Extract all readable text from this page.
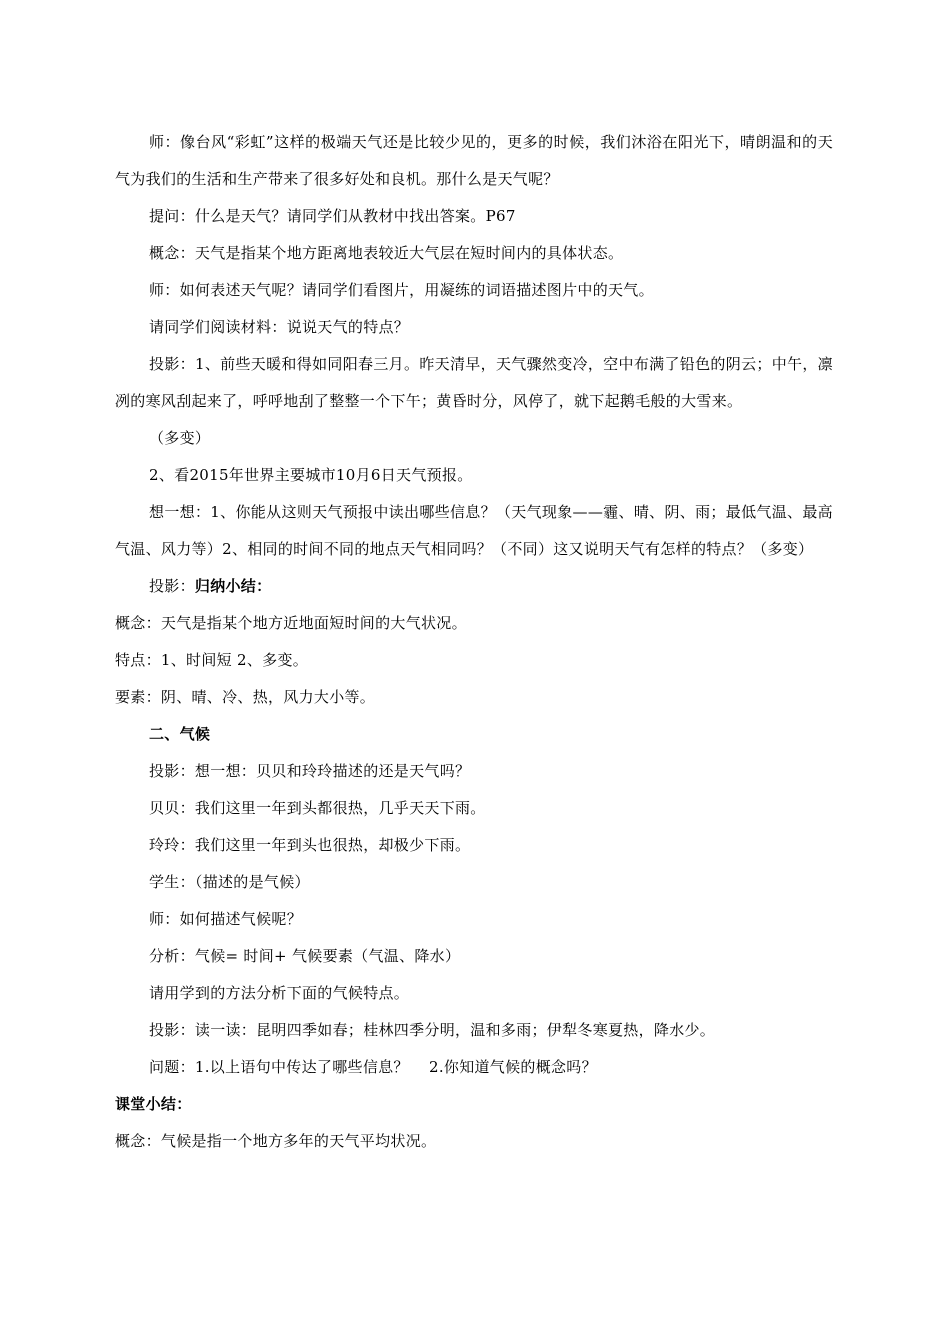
师：像台风“彩虹”这样的极端天气还是比较少见的，更多的时候，我们沐浴在阳光下，晴朗温和的天气为我们的生活和生产带来了很多好处和良机。那什么是天气呢？

提问：什么是天气？请同学们从教材中找出答案。P67

概念：天气是指某个地方距离地表较近大气层在短时间内的具体状态。

师：如何表述天气呢？请同学们看图片，用凝练的词语描述图片中的天气。

请同学们阅读材料：说说天气的特点？

投影：1、前些天暖和得如同阳春三月。昨天清早，天气骤然变冷，空中布满了铅色的阴云；中午，凛冽的寒风刮起来了，呼呼地刮了整整一个下午；黄昏时分，风停了，就下起鹅毛般的大雪来。

（多变）

2、看2015年世界主要城市10月6日天气预报。

想一想：1、你能从这则天气预报中读出哪些信息？（天气现象——霾、晴、阴、雨；最低气温、最高气温、风力等）2、相同的时间不同的地点天气相同吗？（不同）这又说明天气有怎样的特点？（多变）

投影：归纳小结：

概念：天气是指某个地方近地面短时间的大气状况。

特点：1、时间短 2、多变。

要素：阴、晴、冷、热，风力大小等。

二、气候

投影：想一想：贝贝和玲玲描述的还是天气吗？

贝贝：我们这里一年到头都很热，几乎天天下雨。

玲玲：我们这里一年到头也很热，却极少下雨。

学生：（描述的是气候）

师：如何描述气候呢？

分析：气候= 时间+ 气候要素（气温、降水）

请用学到的方法分析下面的气候特点。

投影：读一读：昆明四季如春；桂林四季分明，温和多雨；伊犁冬寒夏热，降水少。

问题：1.以上语句中传达了哪些信息？    2.你知道气候的概念吗？

课堂小结：

概念：气候是指一个地方多年的天气平均状况。
